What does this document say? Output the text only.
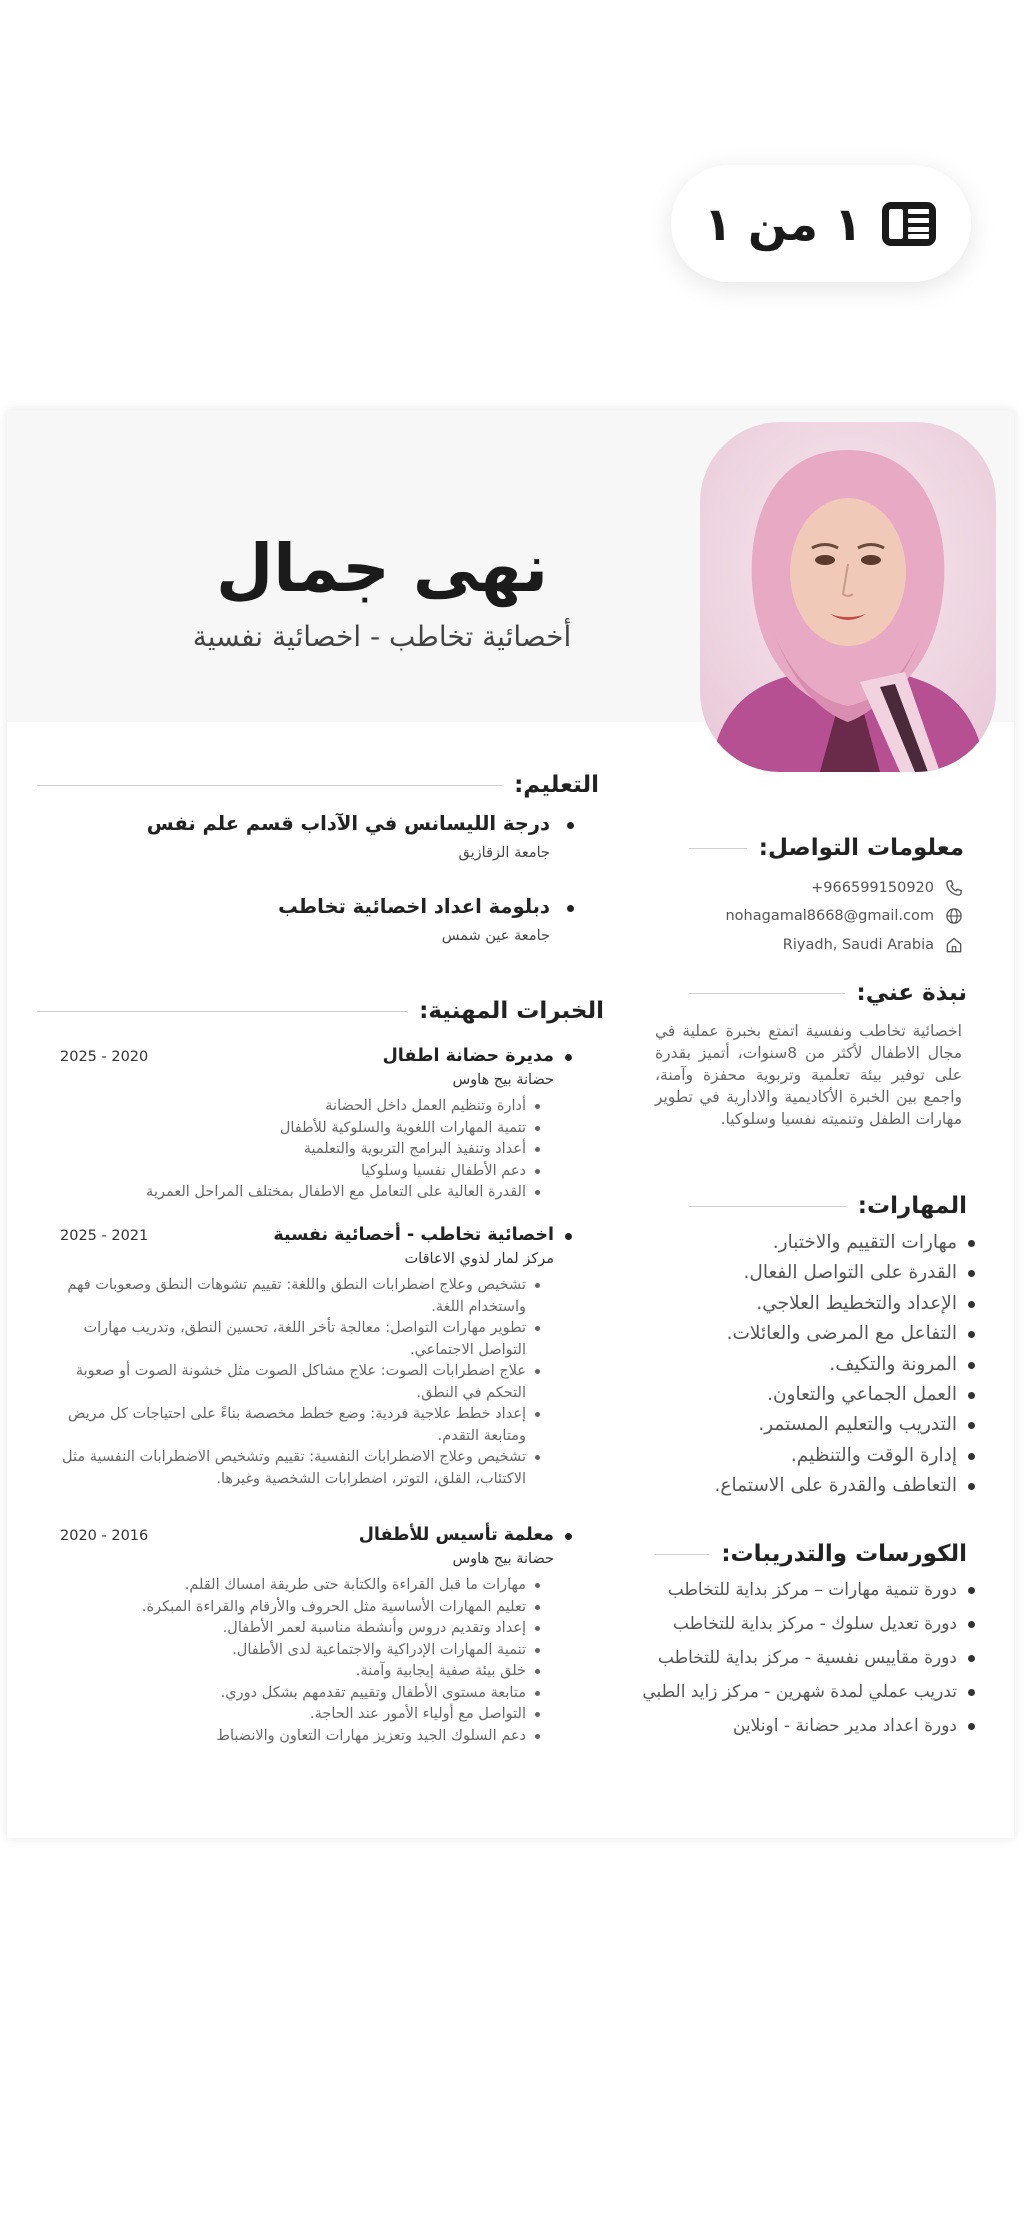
١ من ١
نهى جمال
أخصائية تخاطب - اخصائية نفسية
معلومات التواصل:
+966599150920
nohagamal8668@gmail.com
Riyadh, Saudi Arabia
نبذة عني:
اخصائية تخاطب ونفسية اتمتع بخبرة عملية في مجال الاطفال لأكثر من 8سنوات، أتميز بقدرة على توفير بيئة تعلمية وتربوية محفزة وآمنة، واجمع بين الخبرة الأكاديمية والادارية في تطوير مهارات الطفل وتنميته نفسيا وسلوكيا.
المهارات:
مهارات التقييم والاختبار.
القدرة على التواصل الفعال.
الإعداد والتخطيط العلاجي.
التفاعل مع المرضى والعائلات.
المرونة والتكيف.
العمل الجماعي والتعاون.
التدريب والتعليم المستمر.
إدارة الوقت والتنظيم.
التعاطف والقدرة على الاستماع.
الكورسات والتدريبات:
دورة تنمية مهارات – مركز بداية للتخاطب
دورة تعديل سلوك - مركز بداية للتخاطب
دورة مقاييس نفسية - مركز بداية للتخاطب
تدريب عملي لمدة شهرين - مركز زايد الطبي
دورة اعداد مدير حضانة - اونلاين
التعليم:
درجة الليسانس في الآداب قسم علم نفس
جامعة الزقازيق
دبلومة اعداد اخصائية تخاطب
جامعة عين شمس
الخبرات المهنية:
مديرة حضانة اطفال
2025 - 2020
حضانة بيج هاوس
أدارة وتنظيم العمل داخل الحضانة
تنمية المهارات اللغوية والسلوكية للأطفال
أعداد وتنفيذ البرامج التربوية والتعلمية
دعم الأطفال نفسيا وسلوكيا
القدرة العالية على التعامل مع الاطفال بمختلف المراحل العمرية
اخصائية تخاطب - أخصائية نفسية
2025 - 2021
مركز لمار لذوي الاعاقات
تشخيص وعلاج اضطرابات النطق واللغة: تقييم تشوهات النطق وصعوبات فهم واستخدام اللغة.
تطوير مهارات التواصل: معالجة تأخر اللغة، تحسين النطق، وتدريب مهارات التواصل الاجتماعي.
علاج اضطرابات الصوت: علاج مشاكل الصوت مثل خشونة الصوت أو صعوبة التحكم في النطق.
إعداد خطط علاجية فردية: وضع خطط مخصصة بناءً على احتياجات كل مريض ومتابعة التقدم.
تشخيص وعلاج الاضطرابات النفسية: تقييم وتشخيص الاضطرابات النفسية مثل الاكتئاب، القلق، التوتر، اضطرابات الشخصية وغيرها.
معلمة تأسيس للأطفال
2020 - 2016
حضانة بيج هاوس
مهارات ما قبل القراءة والكتابة حتى طريقة امساك القلم.
تعليم المهارات الأساسية مثل الحروف والأرقام والقراءة المبكرة.
إعداد وتقديم دروس وأنشطة مناسبة لعمر الأطفال.
تنمية المهارات الإدراكية والاجتماعية لدى الأطفال.
خلق بيئة صفية إيجابية وآمنة.
متابعة مستوى الأطفال وتقييم تقدمهم بشكل دوري.
التواصل مع أولياء الأمور عند الحاجة.
دعم السلوك الجيد وتعزيز مهارات التعاون والانضباط
